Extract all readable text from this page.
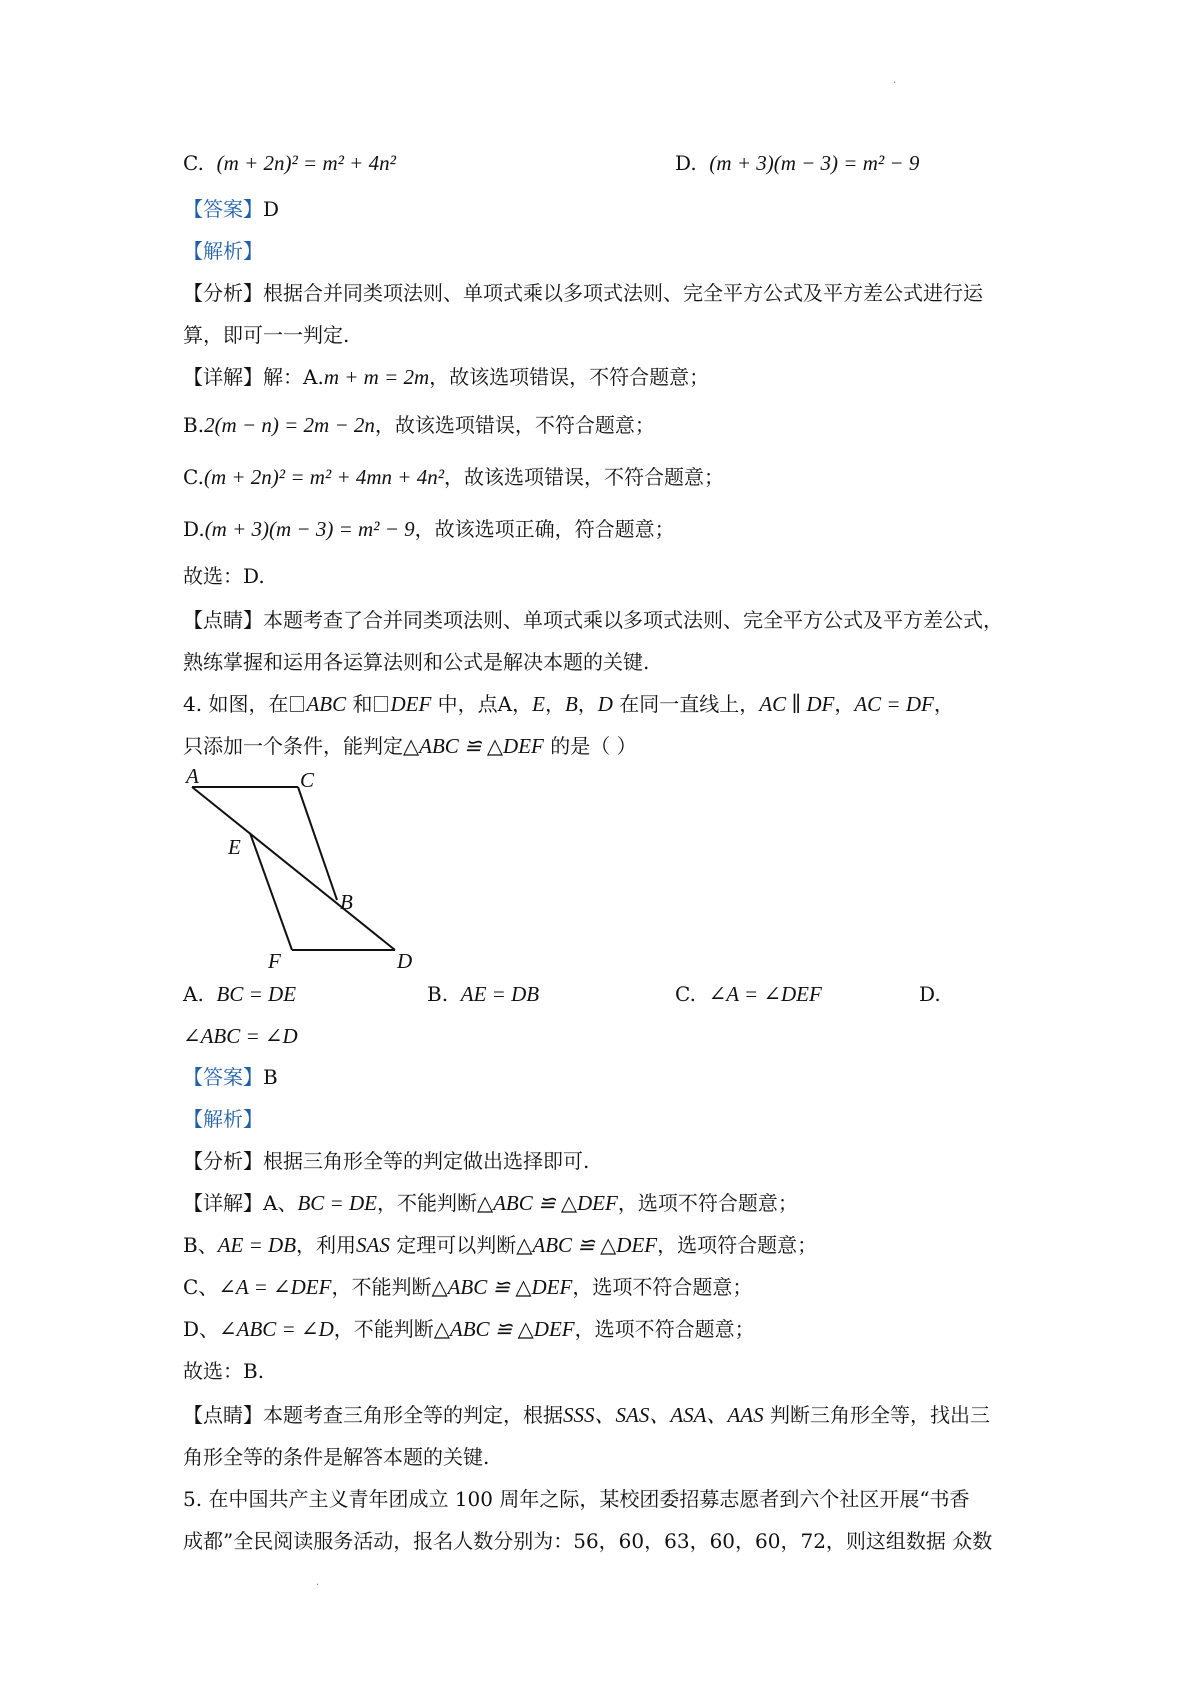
·
·
C. (m + 2n)² = m² + 4n²	D. (m + 3)(m − 3) = m² − 9
【答案】D
【解析】
【分析】根据合并同类项法则、单项式乘以多项式法则、完全平方公式及平方差公式进行运
算，即可一一判定.
【详解】解：A.m + m = 2m，故该选项错误，不符合题意；
B.2(m − n) = 2m − 2n，故该选项错误，不符合题意；
C.(m + 2n)² = m² + 4mn + 4n²，故该选项错误，不符合题意；
D.(m + 3)(m − 3) = m² − 9，故该选项正确，符合题意；
故选：D.
【点睛】本题考查了合并同类项法则、单项式乘以多项式法则、完全平方公式及平方差公式，
熟练掌握和运用各运算法则和公式是解决本题的关键.
4. 如图，在 ABC 和 DEF 中，点A，E，B，D 在同一直线上，AC ∥ DF，AC = DF，
只添加一个条件，能判定△ABC ≌ △DEF 的是（ ）
A	C
E
B
F	D
A. BC = DE	B. AE = DB	C. ∠A = ∠DEF	D.
∠ABC = ∠D
【答案】B
【解析】
【分析】根据三角形全等的判定做出选择即可.
【详解】A、BC = DE，不能判断△ABC ≌ △DEF，选项不符合题意；
B、AE = DB，利用SAS 定理可以判断△ABC ≌ △DEF，选项符合题意；
C、∠A = ∠DEF，不能判断△ABC ≌ △DEF，选项不符合题意；
D、∠ABC = ∠D，不能判断△ABC ≌ △DEF，选项不符合题意；
故选：B.
【点睛】本题考查三角形全等的判定，根据SSS、SAS、ASA、AAS 判断三角形全等，找出三
角形全等的条件是解答本题的关键.
5. 在中国共产主义青年团成立 100 周年之际，某校团委招募志愿者到六个社区开展“书香
成都”全民阅读服务活动，报名人数分别为：56，60，63，60，60，72，则这组数据 众数
